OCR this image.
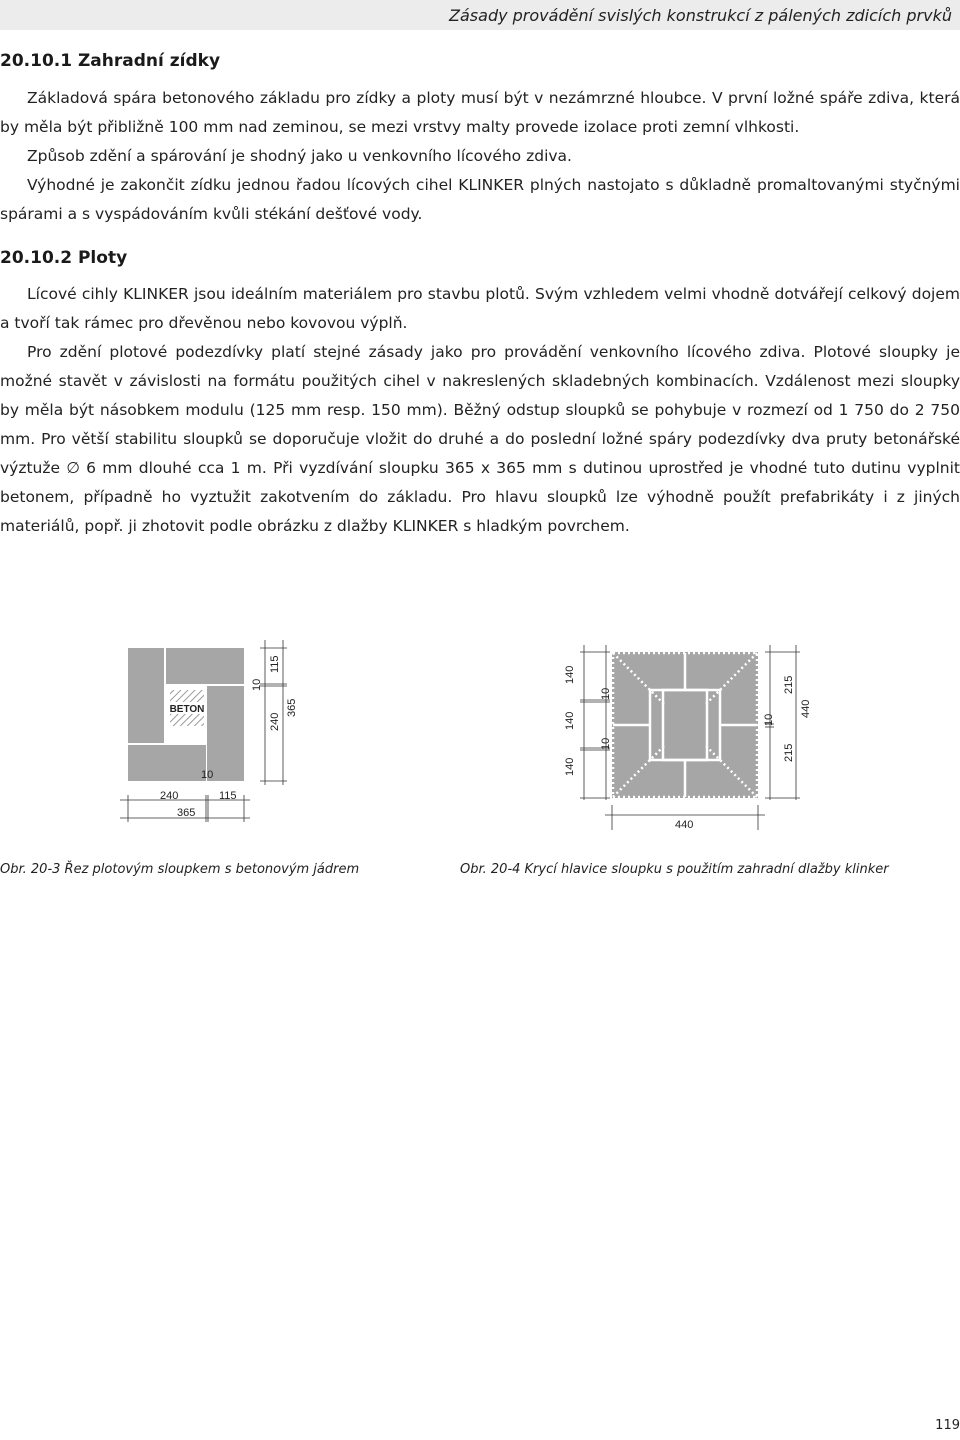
Zásady provádění svislých konstrukcí z pálených zdicích prvků
20.10.1 Zahradní zídky
Základová spára betonového základu pro zídky a ploty musí být v nezámrzné hloubce. V první ložné spáře zdiva, která by měla být přibližně 100 mm nad zeminou, se mezi vrstvy malty provede izolace proti zemní vlhkosti.
Způsob zdění a spárování je shodný jako u venkovního lícového zdiva.
Výhodné je zakončit zídku jednou řadou lícových cihel KLINKER plných nastojato s důkladně promaltovanými styčnými spárami a s vyspádováním kvůli stékání dešťové vody.
20.10.2 Ploty
Lícové cihly KLINKER jsou ideálním materiálem pro stavbu plotů. Svým vzhledem velmi vhodně dotvářejí celkový dojem a tvoří tak rámec pro dřevěnou nebo kovovou výplň.
Pro zdění plotové podezdívky platí stejné zásady jako pro provádění venkovního lícového zdiva. Plotové sloupky je možné stavět v závislosti na formátu použitých cihel v nakreslených skladebných kombinacích. Vzdálenost mezi sloupky by měla být násobkem modulu (125 mm resp. 150 mm). Běžný odstup sloupků se pohybuje v rozmezí od 1 750 do 2 750 mm. Pro větší stabilitu sloupků se doporučuje vložit do druhé a do poslední ložné spáry podezdívky dva pruty betonářské výztuže ∅ 6 mm dlouhé cca 1 m. Při vyzdívání sloupku 365 x 365 mm s dutinou uprostřed je vhodné tuto dutinu vyplnit betonem, případně ho vyztužit zakotvením do základu. Pro hlavu sloupků lze výhodně použít prefabrikáty i z jiných materiálů, popř. ji zhotovit podle obrázku z dlažby KLINKER s hladkým povrchem.
BETON
10
115
240
365
10
240	115
365
140
10
140
10
140
215
10
215
440
440
Obr. 20-3 Řez plotovým sloupkem s betonovým jádrem	Obr. 20-4 Krycí hlavice sloupku s použitím zahradní dlažby klinker
119
